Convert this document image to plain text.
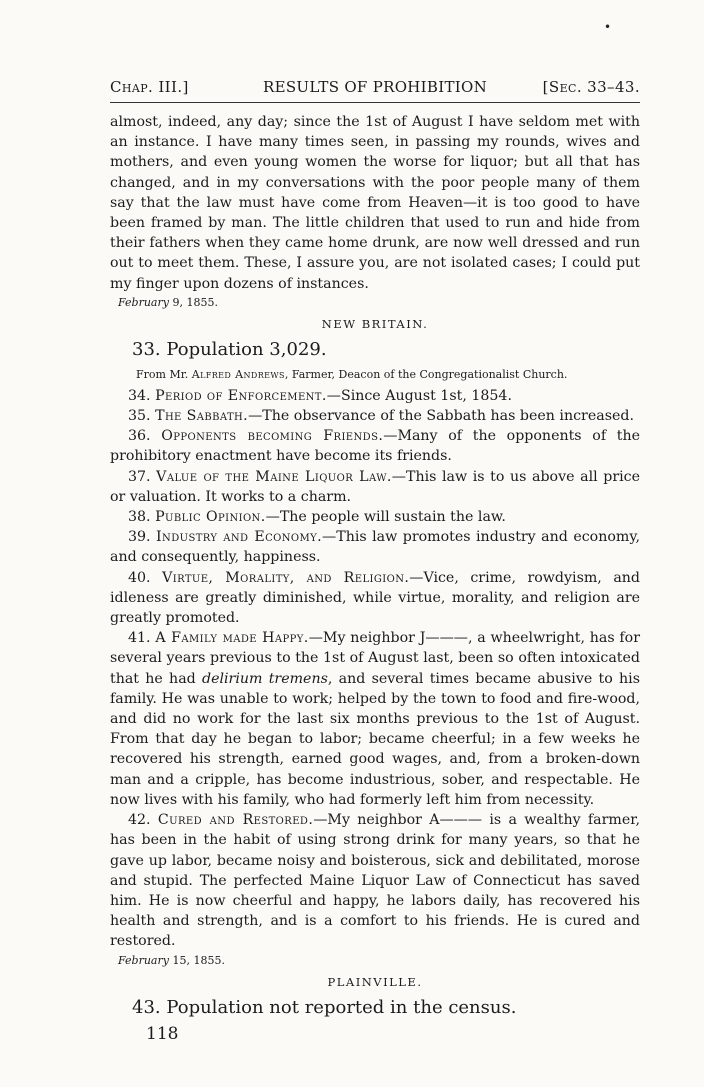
•
Chap. III.]	RESULTS OF PROHIBITION	[Sec. 33–43.

almost, indeed, any day; since the 1st of August I have seldom met with an instance. I have many times seen, in passing my rounds, wives and mothers, and even young women the worse for liquor; but all that has changed, and in my conversations with the poor people many of them say that the law must have come from Heaven—it is too good to have been framed by man. The little children that used to run and hide from their fathers when they came home drunk, are now well dressed and run out to meet them. These, I assure you, are not isolated cases; I could put my finger upon dozens of instances.

February 9, 1855.

NEW BRITAIN.

33. Population 3,029.

From Mr. Alfred Andrews, Farmer, Deacon of the Congregationalist Church.

34. Period of Enforcement.—Since August 1st, 1854.

35. The Sabbath.—The observance of the Sabbath has been increased.

36. Opponents becoming Friends.—Many of the opponents of the prohibitory enactment have become its friends.

37. Value of the Maine Liquor Law.—This law is to us above all price or valuation. It works to a charm.

38. Public Opinion.—The people will sustain the law.

39. Industry and Economy.—This law promotes industry and economy, and consequently, happiness.

40. Virtue, Morality, and Religion.—Vice, crime, rowdyism, and idleness are greatly diminished, while virtue, morality, and religion are greatly promoted.

41. A Family made Happy.—My neighbor J———, a wheelwright, has for several years previous to the 1st of August last, been so often intoxicated that he had delirium tremens, and several times became abusive to his family. He was unable to work; helped by the town to food and fire-wood, and did no work for the last six months previous to the 1st of August. From that day he began to labor; became cheerful; in a few weeks he recovered his strength, earned good wages, and, from a broken-down man and a cripple, has become industrious, sober, and respectable. He now lives with his family, who had formerly left him from necessity.

42. Cured and Restored.—My neighbor A——— is a wealthy farmer, has been in the habit of using strong drink for many years, so that he gave up labor, became noisy and boisterous, sick and debilitated, morose and stupid. The perfected Maine Liquor Law of Connecticut has saved him. He is now cheerful and happy, he labors daily, has recovered his health and strength, and is a comfort to his friends. He is cured and restored.

February 15, 1855.

PLAINVILLE.

43. Population not reported in the census.

118
